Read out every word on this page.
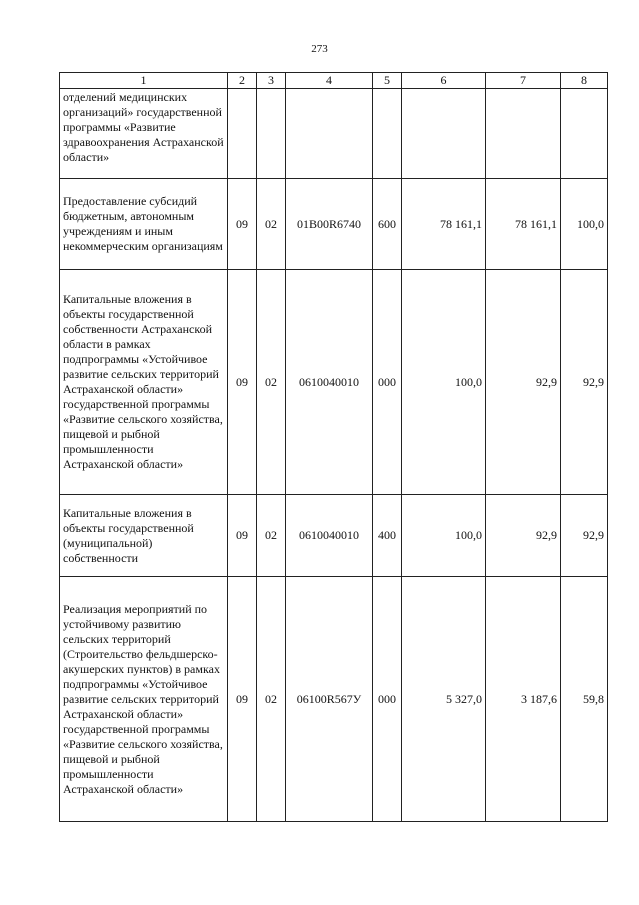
273
1	2	3	4	5	6	7	8
отделений медицинских организаций» государственной программы «Развитие здравоохранения Астраханской области»							
Предоставление субсидий бюджетным, автономным учреждениям и иным некоммерческим организациям	09	02	01В00R6740	600	78 161,1	78 161,1	100,0
Капитальные вложения в объекты государственной собственности Астраханской области в рамках подпрограммы «Устойчивое развитие сельских территорий Астраханской области» государственной программы «Развитие сельского хозяйства, пищевой и рыбной промышленности Астраханской области»	09	02	0610040010	000	100,0	92,9	92,9
Капитальные вложения в объекты государственной (муниципальной) собственности	09	02	0610040010	400	100,0	92,9	92,9
Реализация мероприятий по устойчивому развитию сельских территорий (Строительство фельдшерско-акушерских пунктов) в рамках подпрограммы «Устойчивое развитие сельских территорий Астраханской области» государственной программы «Развитие сельского хозяйства, пищевой и рыбной промышленности Астраханской области»	09	02	06100R567У	000	5 327,0	3 187,6	59,8
